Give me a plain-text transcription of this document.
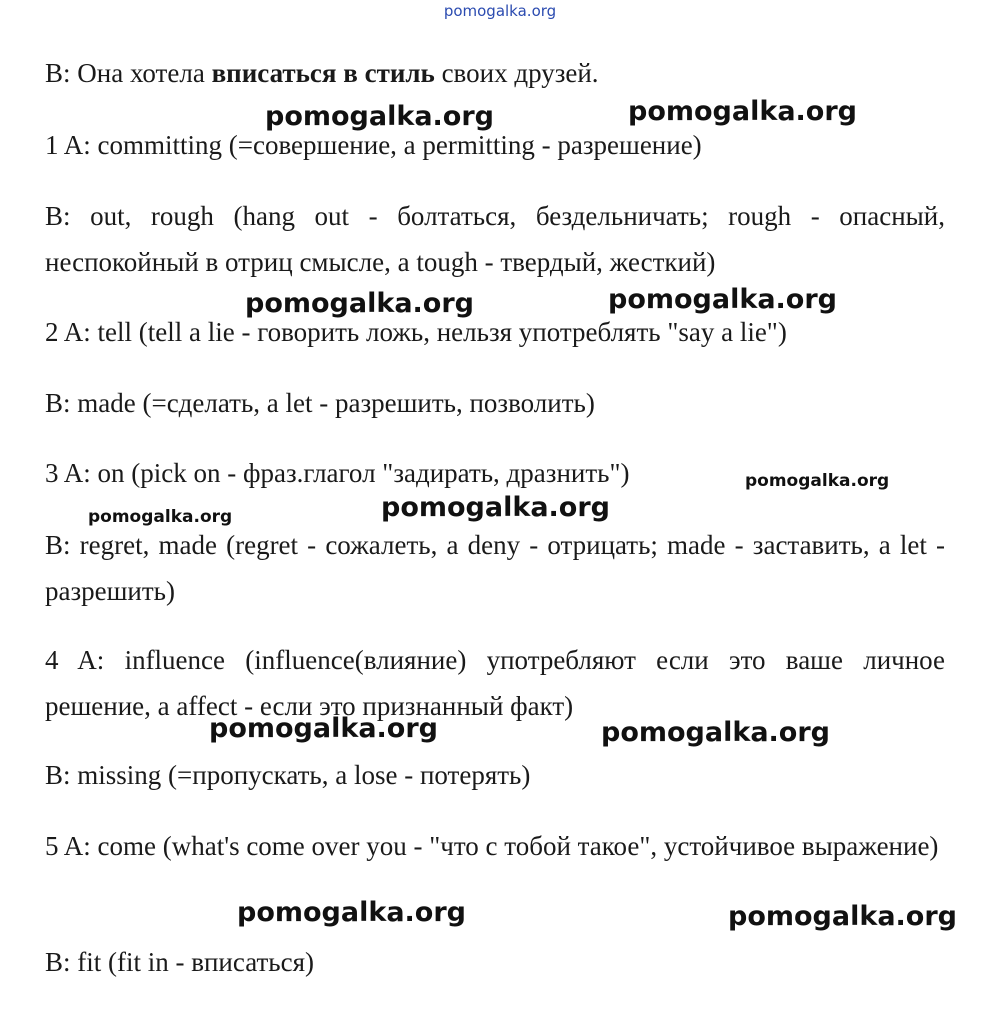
pomogalka.org

B: Она хотела вписаться в стиль своих друзей.

1 A: committing (=совершение, a permitting - разрешение)

B: out, rough (hang out - болтаться, бездельничать; rough - опасный, неспокойный в отриц смысле, a tough - твердый, жесткий)

2 A: tell (tell a lie - говорить ложь, нельзя употреблять "say a lie")

B: made (=сделать, a let - разрешить, позволить)

3 A: on (pick on - фраз.глагол "задирать, дразнить")

B: regret, made (regret - сожалеть, a deny - отрицать; made - заставить, a let - разрешить)

4 A: influence (influence(влияние) употребляют если это ваше личное решение, a affect - если это признанный факт)

B: missing (=пропускать, a lose - потерять)

5 A: come (what's come over you - "что с тобой такое", устойчивое выражение)

B: fit (fit in - вписаться)

pomogalka.org	pomogalka.org
pomogalka.org	pomogalka.org
pomogalka.org
pomogalka.org	pomogalka.org
pomogalka.org	pomogalka.org
pomogalka.org	pomogalka.org
